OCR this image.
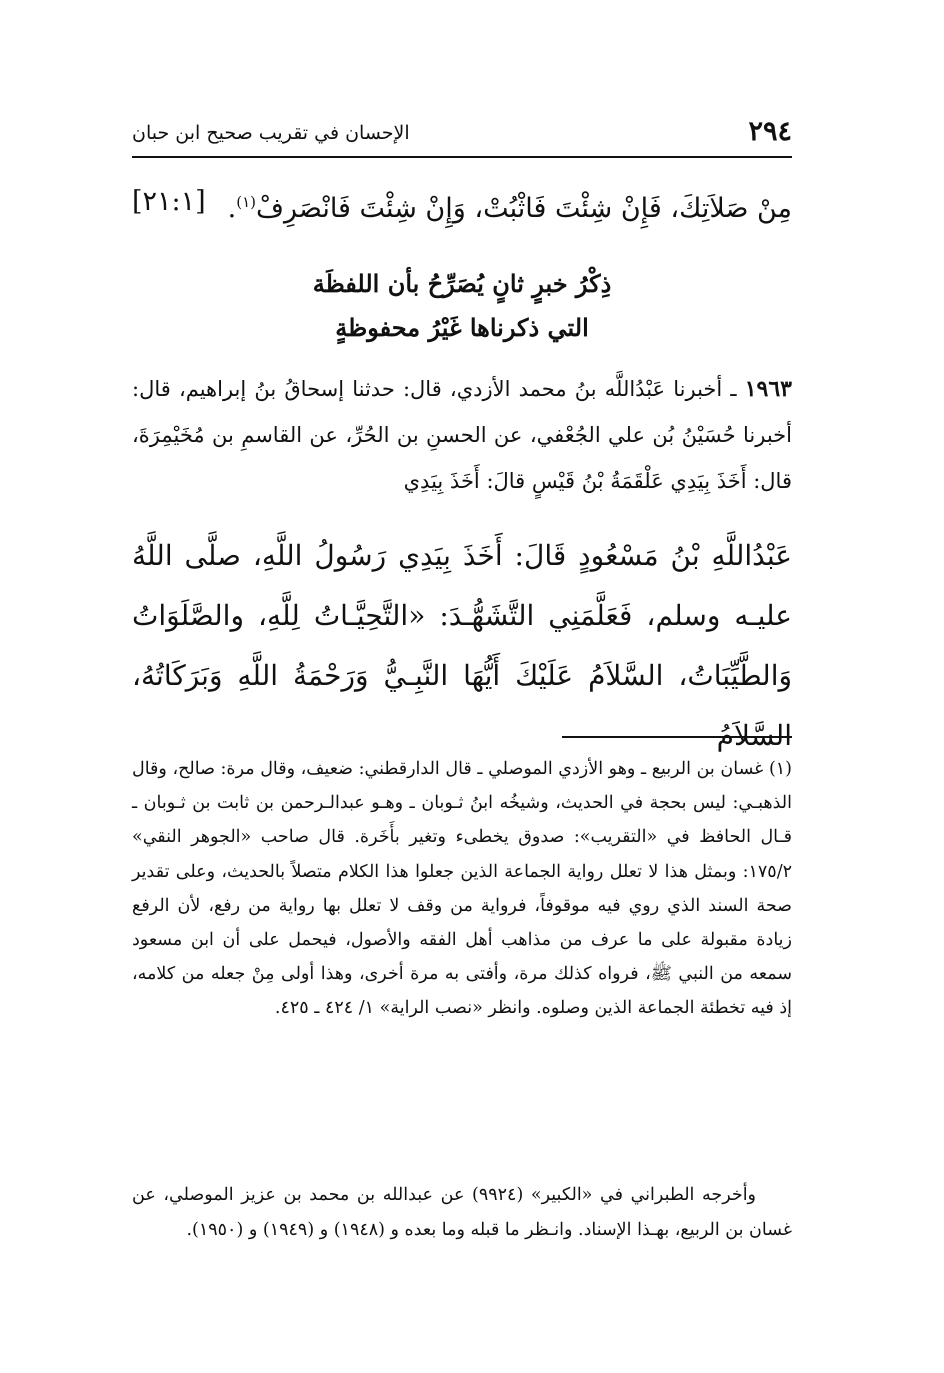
٢٩٤
الإحسان في تقريب صحيح ابن حبان
مِنْ صَلاَتِكَ، فَإِنْ شِئْتَ فَاثْبُتْ، وَإِنْ شِئْتَ فَانْصَرِفْ$^{(١)}$.
[٢١:١]
ذِكْرُ خبرٍ ثانٍ يُصَرِّحُ بأن اللفظَة
التي ذكرناها غَيْرُ محفوظةٍ
١٩٦٣ ـ أخبرنا عَبْدُاللَّه بنُ محمد الأزدي، قال: حدثنا إسحاقُ بنُ إبراهيم، قال: أخبرنا حُسَيْنُ بُن علي الجُعْفي، عن الحسنِ بن الحُرِّ، عن القاسمِ بن مُخَيْمِرَةَ، قال: أَخَذَ بِيَدِي عَلْقَمَةُ بْنُ قَيْسٍ قالَ: أَخَذَ بِيَدِي
عَبْدُاللَّهِ بْنُ مَسْعُودٍ قَالَ: أَخَذَ بِيَدِي رَسُولُ اللَّهِ، صلَّى اللَّهُ عليـه وسلم، فَعَلَّمَنِي التَّشَهُّـدَ: «التَّحِيَّـاتُ لِلَّهِ، والصَّلَوَاتُ وَالطَّيِّبَاتُ، السَّلاَمُ عَلَيْكَ أَيُّهَا النَّبِـيُّ وَرَحْمَةُ اللَّهِ وَبَرَكَاتُهُ، السَّلاَمُ
(١) غسان بن الربيع ـ وهو الأزدي الموصلي ـ قال الدارقطني: ضعيف، وقال مرة: صالح، وقال الذهبـي: ليس بحجة في الحديث، وشيخُه ابنُ ثـوبان ـ وهـو عبدالـرحمن بن ثابت بن ثـوبان ـ قـال الحافظ في «التقريب»: صدوق يخطىء وتغير بأَخَرة. قال صاحب «الجوهر النقي» ١٧٥/٢: وبمثل هذا لا تعلل رواية الجماعة الذين جعلوا هذا الكلام متصلاً بالحديث، وعلى تقدير صحة السند الذي روي فيه موقوفاً، فرواية من وقف لا تعلل بها رواية من رفع، لأن الرفع زيادة مقبولة على ما عرف من مذاهب أهل الفقه والأصول، فيحمل على أن ابن مسعود سمعه من النبي ﷺ، فرواه كذلك مرة، وأفتى به مرة أخرى، وهذا أولى مِنْ جعله من كلامه، إذ فيه تخطئة الجماعة الذين وصلوه. وانظر «نصب الراية» ١/ ٤٢٤ ـ ٤٢٥.
وأخرجه الطبراني في «الكبير» (٩٩٢٤) عن عبدالله بن محمد بن عزيز الموصلي، عن غسان بن الربيع، بهـذا الإسناد. وانـظر ما قبله وما بعده و (١٩٤٨) و (١٩٤٩) و (١٩٥٠).
